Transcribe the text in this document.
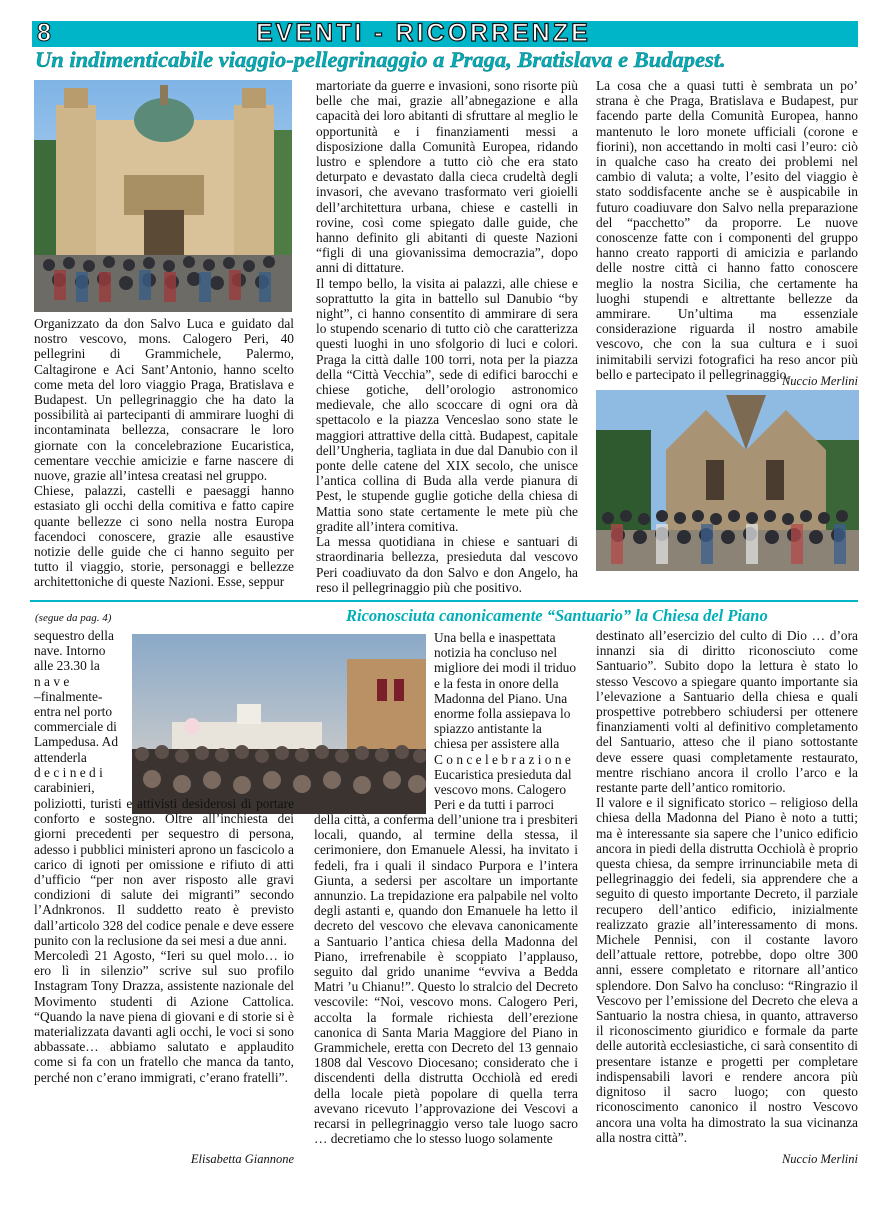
8	EVENTI - RICORRENZE
Un indimenticabile viaggio-pellegrinaggio a Praga, Bratislava e Budapest.

Organizzato da don Salvo Luca e guidato dal nostro vescovo, mons. Calogero Peri, 40 pellegrini di Grammichele, Palermo, Caltagirone e Aci Sant’Antonio, hanno scelto come meta del loro viaggio Praga, Bratislava e Budapest. Un pellegrinaggio che ha dato la possibilità ai partecipanti di ammirare luoghi di incontaminata bellezza, consacrare le loro giornate con la concelebrazione Eucaristica, cementare vecchie amicizie e farne nascere di nuove, grazie all’intesa creatasi nel gruppo.

Chiese, palazzi, castelli e paesaggi hanno estasiato gli occhi della comitiva e fatto capire quante bellezze ci sono nella nostra Europa facendoci conoscere, grazie alle esaustive notizie delle guide che ci hanno seguito per tutto il viaggio, storie, personaggi e bellezze architettoniche di queste Nazioni. Esse, seppur

martoriate da guerre e invasioni, sono risorte più belle che mai, grazie all’abnegazione e alla capacità dei loro abitanti di sfruttare al meglio le opportunità e i finanziamenti messi a disposizione dalla Comunità Europea, ridando lustro e splendore a tutto ciò che era stato deturpato e devastato dalla cieca crudeltà degli invasori, che avevano trasformato veri gioielli dell’architettura urbana, chiese e castelli in rovine, così come spiegato dalle guide, che hanno definito gli abitanti di queste Nazioni “figli di una giovanissima democrazia”, dopo anni di dittature.

Il tempo bello, la visita ai palazzi, alle chiese e soprattutto la gita in battello sul Danubio “by night”, ci hanno consentito di ammirare di sera lo stupendo scenario di tutto ciò che caratterizza questi luoghi in uno sfolgorio di luci e colori. Praga la città dalle 100 torri, nota per la piazza della “Città Vecchia”, sede di edifici barocchi e chiese gotiche, dell’orologio astronomico medievale, che allo scoccare di ogni ora dà spettacolo e la piazza Venceslao sono state le maggiori attrattive della città. Budapest, capitale dell’Ungheria, tagliata in due dal Danubio con il ponte delle catene del XIX secolo, che unisce l’antica collina di Buda alla verde pianura di Pest, le stupende guglie gotiche della chiesa di Mattia sono state certamente le mete più che gradite all’intera comitiva.

La messa quotidiana in chiese e santuari di straordinaria bellezza, presieduta dal vescovo Peri coadiuvato da don Salvo e don Angelo, ha reso il pellegrinaggio più che positivo.

La cosa che a quasi tutti è sembrata un po’ strana è che Praga, Bratislava e Budapest, pur facendo parte della Comunità Europea, hanno mantenuto le loro monete ufficiali (corone e fiorini), non accettando in molti casi l’euro: ciò in qualche caso ha creato dei problemi nel cambio di valuta; a volte, l’esito del viaggio è stato soddisfacente anche se è auspicabile in futuro coadiuvare don Salvo nella preparazione del “pacchetto” da proporre. Le nuove conoscenze fatte con i componenti del gruppo hanno creato rapporti di amicizia e parlando delle nostre città ci hanno fatto conoscere meglio la nostra Sicilia, che certamente ha luoghi stupendi e altrettante bellezze da ammirare. Un’ultima ma essenziale considerazione riguarda il nostro amabile vescovo, che con la sua cultura e i suoi inimitabili servizi fotografici ha reso ancor più bello e partecipato il pellegrinaggio.

Nuccio Merlini
(segue da pag. 4)	Riconosciuta canonicamente “Santuario” la Chiesa del Piano
sequestro della
nave. Intorno
alle 23.30 la
n a v e
–finalmente-
entra nel porto
commerciale di
Lampedusa. Ad
attenderla
d e c i n e d i
carabinieri,

poliziotti, turisti e attivisti desiderosi di portare conforto e sostegno. Oltre all’inchiesta dei giorni precedenti per sequestro di persona, adesso i pubblici ministeri aprono un fascicolo a carico di ignoti per omissione e rifiuto di atti d’ufficio “per non aver risposto alle gravi condizioni di salute dei migranti” secondo l’Adnkronos. Il suddetto reato è previsto dall’articolo 328 del codice penale e deve essere punito con la reclusione da sei mesi a due anni.

Mercoledì 21 Agosto, “Ieri su quel molo… io ero lì in silenzio” scrive sul suo profilo Instagram Tony Drazza, assistente nazionale del Movimento studenti di Azione Cattolica. “Quando la nave piena di giovani e di storie si è materializzata davanti agli occhi, le voci si sono abbassate… abbiamo salutato e applaudito come si fa con un fratello che manca da tanto, perché non c’erano immigrati, c’erano fratelli”.

Elisabetta Giannone
Una bella e inaspettata
notizia ha concluso nel
migliore dei modi il triduo
e la festa in onore della
Madonna del Piano. Una
enorme folla assiepava lo
spiazzo antistante la
chiesa per assistere alla
C o n c e l e b r a z i o n e
Eucaristica presieduta dal
vescovo mons. Calogero
Peri e da tutti i parroci

della città, a conferma dell’unione tra i presbiteri locali, quando, al termine della stessa, il cerimoniere, don Emanuele Alessi, ha invitato i fedeli, fra i quali il sindaco Purpora e l’intera Giunta, a sedersi per ascoltare un importante annunzio. La trepidazione era palpabile nel volto degli astanti e, quando don Emanuele ha letto il decreto del vescovo che elevava canonicamente a Santuario l’antica chiesa della Madonna del Piano, irrefrenabile è scoppiato l’applauso, seguito dal grido unanime “evviva a Bedda Matri ’u Chianu!”. Questo lo stralcio del Decreto vescovile: “Noi, vescovo mons. Calogero Peri, accolta la formale richiesta dell’erezione canonica di Santa Maria Maggiore del Piano in Grammichele, eretta con Decreto del 13 gennaio 1808 dal Vescovo Diocesano; considerato che i discendenti della distrutta Occhiolà ed eredi della locale pietà popolare di quella terra avevano ricevuto l’approvazione dei Vescovi a recarsi in pellegrinaggio verso tale luogo sacro … decretiamo che lo stesso luogo solamente

destinato all’esercizio del culto di Dio … d’ora innanzi sia di diritto riconosciuto come Santuario”. Subito dopo la lettura è stato lo stesso Vescovo a spiegare quanto importante sia l’elevazione a Santuario della chiesa e quali prospettive potrebbero schiudersi per ottenere finanziamenti volti al definitivo completamento del Santuario, atteso che il piano sottostante deve essere quasi completamente restaurato, mentre rischiano ancora il crollo l’arco e la restante parte dell’antico romitorio.

Il valore e il significato storico – religioso della chiesa della Madonna del Piano è noto a tutti; ma è interessante sia sapere che l’unico edificio ancora in piedi della distrutta Occhiolà è proprio questa chiesa, da sempre irrinunciabile meta di pellegrinaggio dei fedeli, sia apprendere che a seguito di questo importante Decreto, il parziale recupero dell’antico edificio, inizialmente realizzato grazie all’interessamento di mons. Michele Pennisi, con il costante lavoro dell’attuale rettore, potrebbe, dopo oltre 300 anni, essere completato e ritornare all’antico splendore. Don Salvo ha concluso: “Ringrazio il Vescovo per l’emissione del Decreto che eleva a Santuario la nostra chiesa, in quanto, attraverso il riconoscimento giuridico e formale da parte delle autorità ecclesiastiche, ci sarà consentito di presentare istanze e progetti per completare indispensabili lavori e rendere ancora più dignitoso il sacro luogo; con questo riconoscimento canonico il nostro Vescovo ancora una volta ha dimostrato la sua vicinanza alla nostra città”.

Nuccio Merlini
